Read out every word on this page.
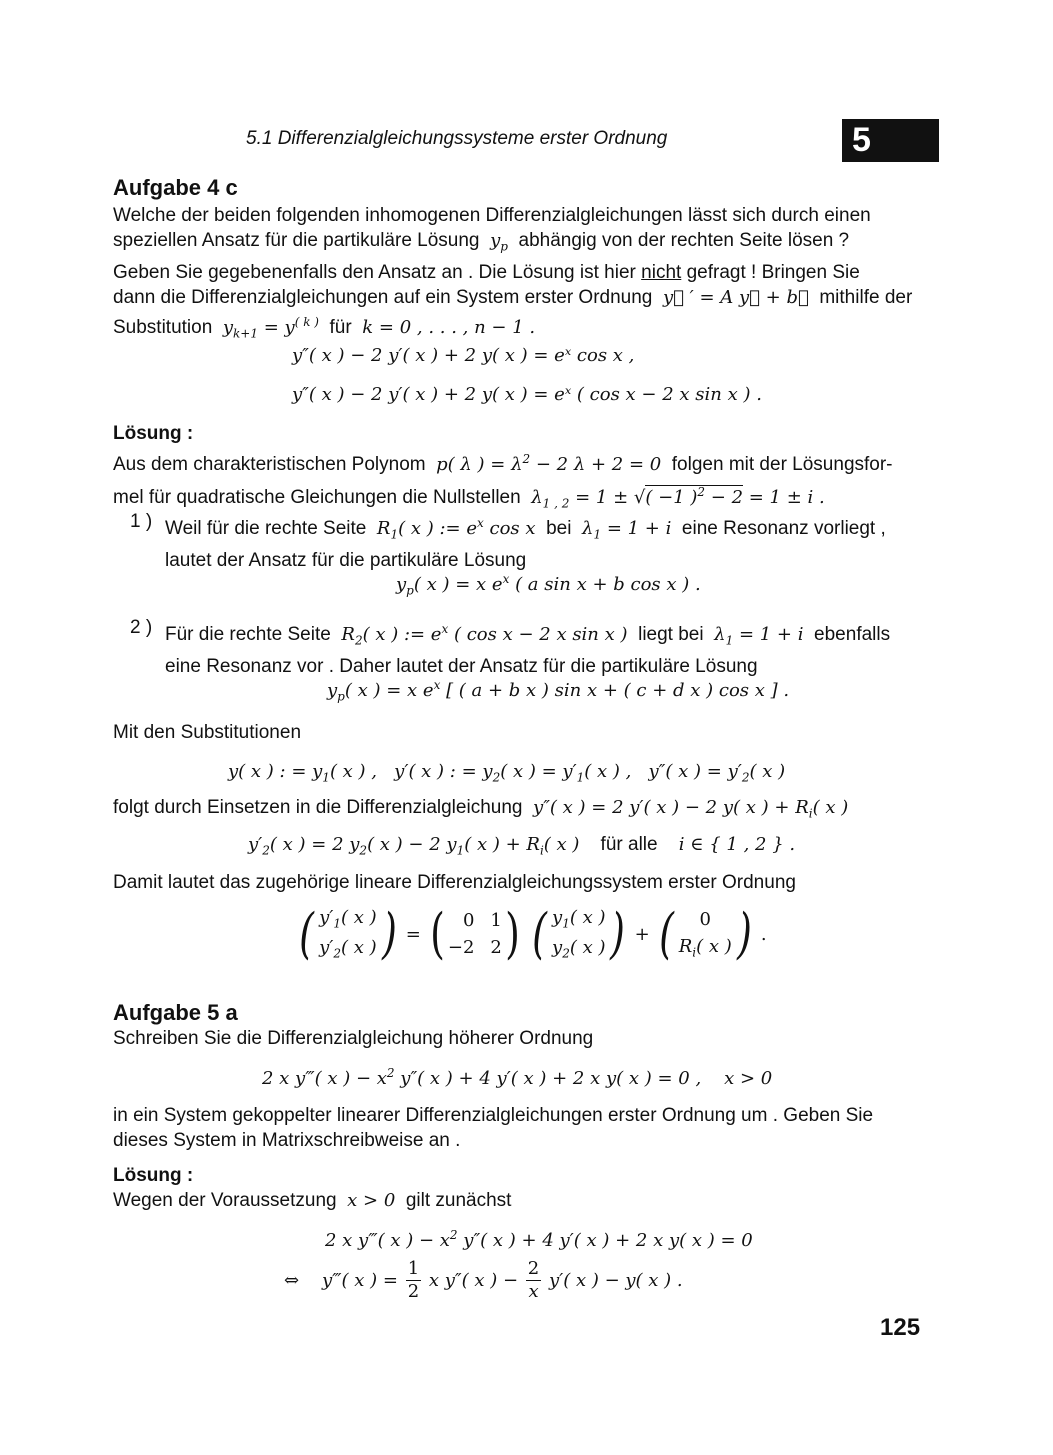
5.1 Differenzialgleichungssysteme erster Ordnung	5
Aufgabe 4 c
Welche der beiden folgenden inhomogenen Differenzialgleichungen lässt sich durch einen
speziellen Ansatz für die partikuläre Lösung $y_p$ abhängig von der rechten Seite lösen ?
Geben Sie gegebenenfalls den Ansatz an . Die Lösung ist hier nicht gefragt ! Bringen Sie
dann die Differenzialgleichungen auf ein System erster Ordnung y⃗ ′ = A y⃗ + b⃗ mithilfe der
Substitution $y_{k+1} = y^{( k )}$ für k = 0 , . . . , n − 1 .
y″( x ) − 2 y′( x ) + 2 y( x ) = eˣ cos x ,
y″( x ) − 2 y′( x ) + 2 y( x ) = eˣ ( cos x − 2 x sin x ) .
Lösung :
Aus dem charakteristischen Polynom p( λ ) = $\lambda^2 - 2$ λ + 2 = 0 folgen mit der Lösungsfor-
mel für quadratische Gleichungen die Nullstellen $\lambda_{1 , 2} = 1$ ± √( −1 )$^2$ − 2 = 1 ± i .
1 ) Weil für die rechte Seite $R_1$( x ) := $e^x$ cos x bei $\lambda_1 = 1 + i$ eine Resonanz vorliegt ,
lautet der Ansatz für die partikuläre Lösung
$y_p$( x ) = x $e^x$ ( a sin x + b cos x ) .
2 ) Für die rechte Seite $R_2$( x ) := $e^x$ ( cos x − 2 x sin x ) liegt bei $\lambda_1 = 1 + i$ ebenfalls
eine Resonanz vor . Daher lautet der Ansatz für die partikuläre Lösung
$y_p$( x ) = x $e^x$ [ ( a + b x ) sin x + ( c + d x ) cos x ] .
Mit den Substitutionen
y( x ) : = $y_1$( x ) ,   y′( x ) : = $y_2$( x ) = $y'_1$( x ) ,   y″( x ) = $y'_2$( x )
folgt durch Einsetzen in die Differenzialgleichung y″( x ) = 2 y′( x ) − 2 y( x ) + $R_i$( x )
$y'_2$( x ) = 2 $y_2$( x ) − 2 $y_1$( x ) + $R_i$( x ) für alle i ∈ { 1 , 2 } .
Damit lautet das zugehörige lineare Differenzialgleichungssystem erster Ordnung
( $y'_1$( x )
$y'_2$( x ) ) = (	0 1
−2 2 ) ( $y_1$( x )
$y_2$( x ) ) + ( 0
$R_i$( x ) ) .
Aufgabe 5 a
Schreiben Sie die Differenzialgleichung höherer Ordnung
2 x y‴( x ) − $x^2$ y″( x ) + 4 y′( x ) + 2 x y( x ) = 0 ,    x > 0
in ein System gekoppelter linearer Differenzialgleichungen erster Ordnung um . Geben Sie
dieses System in Matrixschreibweise an .
Lösung :
Wegen der Voraussetzung x > 0 gilt zunächst
2 x y‴( x ) − $x^2$ y″( x ) + 4 y′( x ) + 2 x y( x ) = 0
⇔ y‴( x ) = $\frac{1}{2}$ x y″( x ) − $\frac{2}{x} y'$( x ) − y( x ) .
125
